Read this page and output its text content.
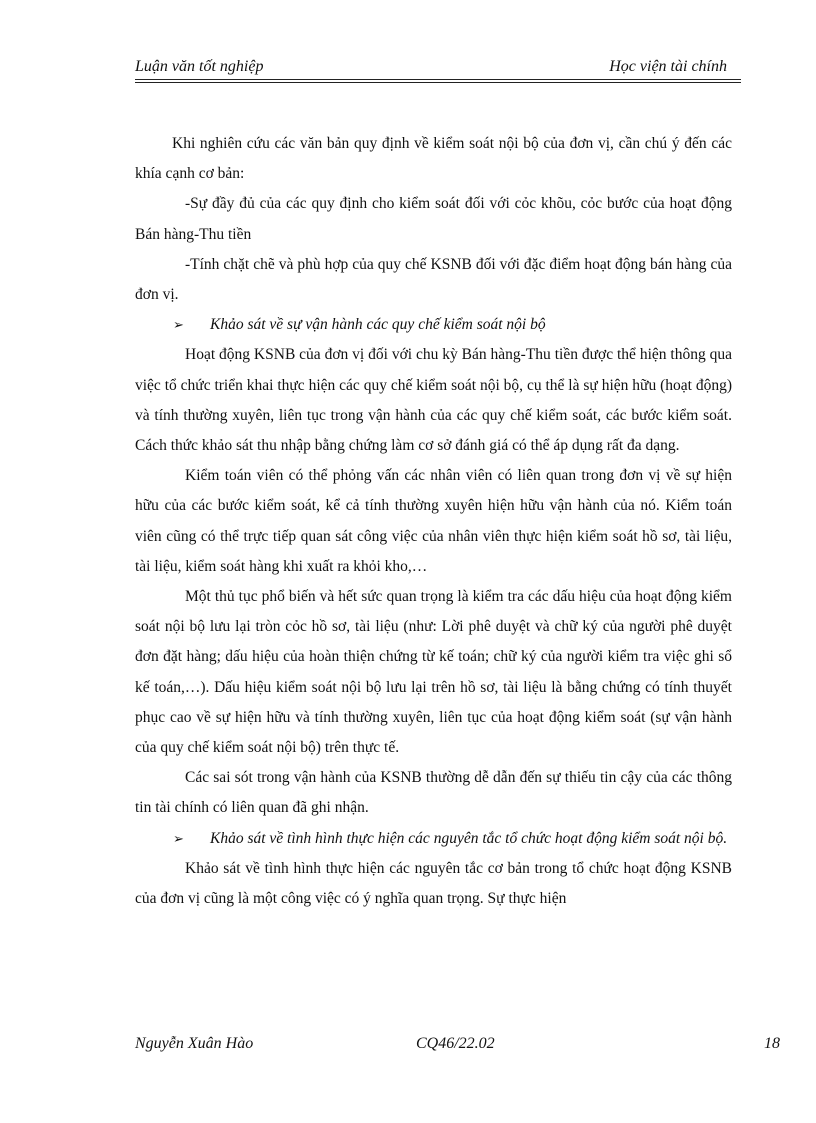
Luận văn tốt nghiệp	Học viện tài chính

Khi nghiên cứu các văn bản quy định về kiểm soát nội bộ của đơn vị, cần chú ý đến các khía cạnh cơ bản:

-Sự đầy đủ của các quy định cho kiểm soát đối với cỏc khõu, cỏc bước của hoạt động Bán hàng-Thu tiền

-Tính chặt chẽ và phù hợp của quy chế KSNB đối với đặc điểm hoạt động bán hàng của đơn vị.

➢ Khảo sát về sự vận hành các quy chế kiểm soát nội bộ

Hoạt động KSNB của đơn vị đối với chu kỳ Bán hàng-Thu tiền được thể hiện thông qua việc tổ chức triển khai thực hiện các quy chế kiểm soát nội bộ, cụ thể là sự hiện hữu (hoạt động) và tính thường xuyên, liên tục trong vận hành của các quy chế kiểm soát, các bước kiểm soát. Cách thức khảo sát thu nhập bằng chứng làm cơ sở đánh giá có thể áp dụng rất đa dạng.

Kiểm toán viên có thể phỏng vấn các nhân viên có liên quan trong đơn vị về sự hiện hữu của các bước kiểm soát, kể cả tính thường xuyên hiện hữu vận hành của nó. Kiểm toán viên cũng có thể trực tiếp quan sát công việc của nhân viên thực hiện kiểm soát hồ sơ, tài liệu, tài liệu, kiểm soát hàng khi xuất ra khỏi kho,…

Một thủ tục phổ biến và hết sức quan trọng là kiểm tra các dấu hiệu của hoạt động kiểm soát nội bộ lưu lại tròn cỏc hồ sơ, tài liệu (như: Lời phê duyệt và chữ ký của người phê duyệt đơn đặt hàng; dấu hiệu của hoàn thiện chứng từ kế toán; chữ ký của người kiểm tra việc ghi sổ kế toán,…). Dấu hiệu kiểm soát nội bộ lưu lại trên hồ sơ, tài liệu là bằng chứng có tính thuyết phục cao về sự hiện hữu và tính thường xuyên, liên tục của hoạt động kiểm soát (sự vận hành của quy chế kiểm soát nội bộ) trên thực tế.

Các sai sót trong vận hành của KSNB thường dễ dẫn đến sự thiếu tin cậy của các thông tin tài chính có liên quan đã ghi nhận.

➢	Khảo sát về tình hình thực hiện các nguyên tắc tổ chức hoạt động kiểm soát nội bộ.

Khảo sát về tình hình thực hiện các nguyên tắc cơ bản trong tổ chức hoạt động KSNB của đơn vị cũng là một công việc có ý nghĩa quan trọng. Sự thực hiện

Nguyễn Xuân Hào	CQ46/22.02	18
